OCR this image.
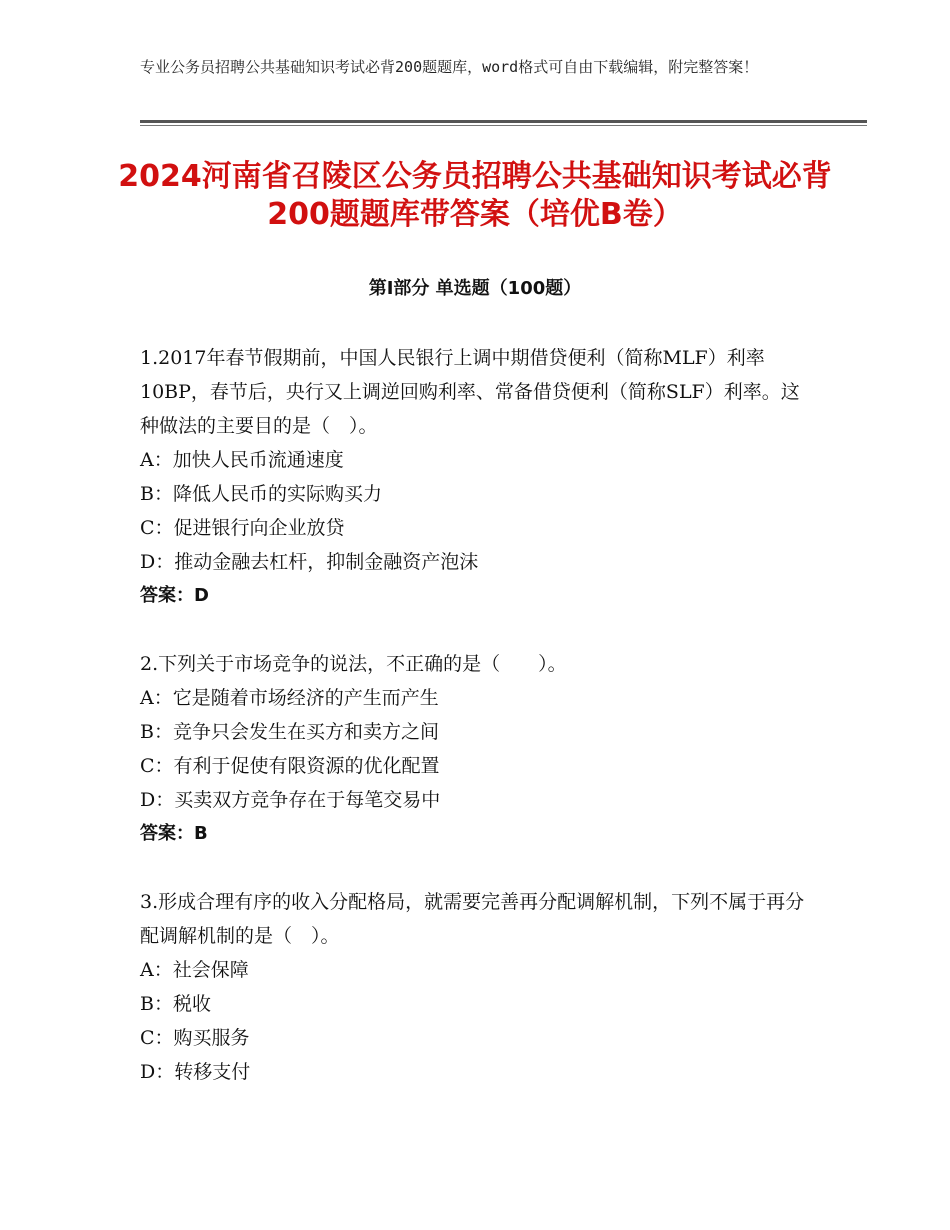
专业公务员招聘公共基础知识考试必背200题题库，word格式可自由下载编辑，附完整答案！
2024河南省召陵区公务员招聘公共基础知识考试必背200题题库带答案（培优B卷）
第Ⅰ部分 单选题（100题）

1.2017年春节假期前，中国人民银行上调中期借贷便利（简称MLF）利率10BP，春节后，央行又上调逆回购利率、常备借贷便利（简称SLF）利率。这种做法的主要目的是（　）。

A：加快人民币流通速度

B：降低人民币的实际购买力

C：促进银行向企业放贷

D：推动金融去杠杆，抑制金融资产泡沫

答案：D

2.下列关于市场竞争的说法，不正确的是（　　）。

A：它是随着市场经济的产生而产生

B：竞争只会发生在买方和卖方之间

C：有利于促使有限资源的优化配置

D：买卖双方竞争存在于每笔交易中

答案：B

3.形成合理有序的收入分配格局，就需要完善再分配调解机制，下列不属于再分配调解机制的是（　）。

A：社会保障

B：税收

C：购买服务

D：转移支付
